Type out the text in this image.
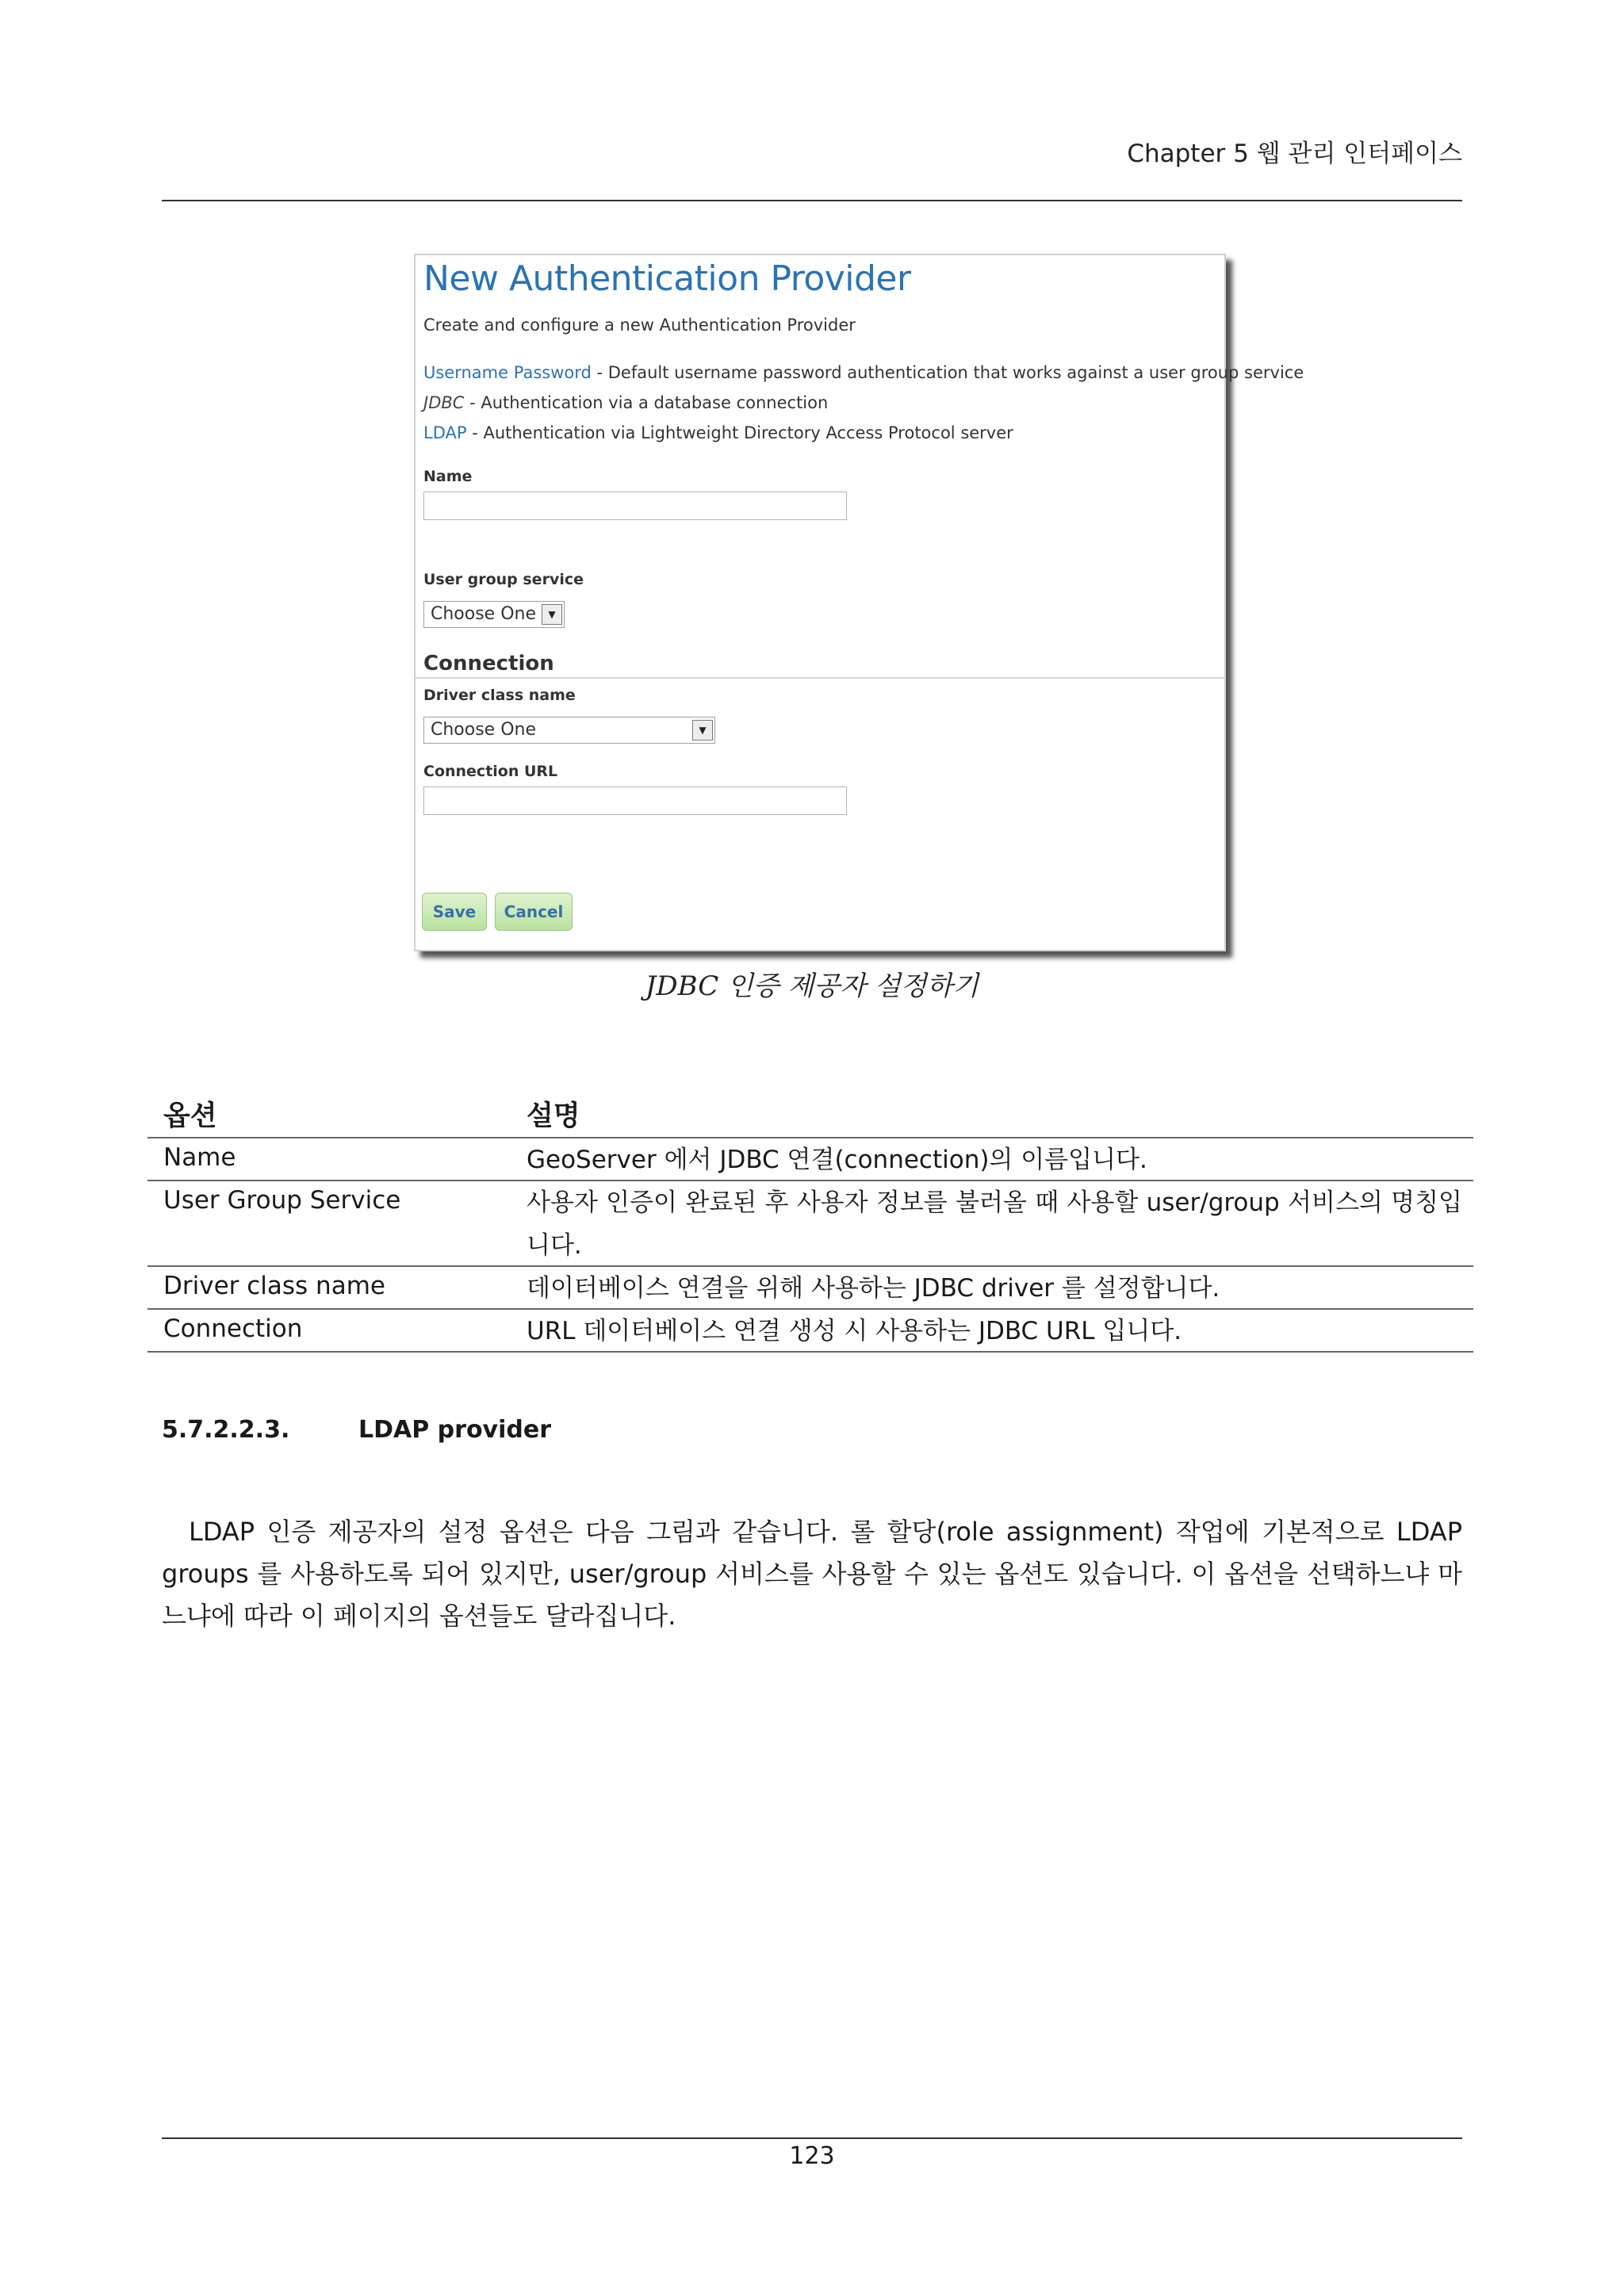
Chapter 5 웹 관리 인터페이스
New Authentication Provider
Create and configure a new Authentication Provider
Username Password - Default username password authentication that works against a user group service
JDBC - Authentication via a database connection
LDAP - Authentication via Lightweight Directory Access Protocol server
Name
User group service
Choose One	▼
Connection
Driver class name
Choose One	▼
Connection URL
Save	Cancel
JDBC 인증 제공자 설정하기
옵션	설명
Name	GeoServer 에서 JDBC 연결(connection)의 이름입니다.
User Group Service	사용자 인증이 완료된 후 사용자 정보를 불러올 때 사용할 user/group 서비스의 명칭입니다.
Driver class name	데이터베이스 연결을 위해 사용하는 JDBC driver 를 설정합니다.
Connection	URL 데이터베이스 연결 생성 시 사용하는 JDBC URL 입니다.
5.7.2.2.3.	LDAP provider
LDAP 인증 제공자의 설정 옵션은 다음 그림과 같습니다. 롤 할당(role assignment) 작업에 기본적으로 LDAP groups 를 사용하도록 되어 있지만, user/group 서비스를 사용할 수 있는 옵션도 있습니다. 이 옵션을 선택하느냐 마느냐에 따라 이 페이지의 옵션들도 달라집니다.
123
